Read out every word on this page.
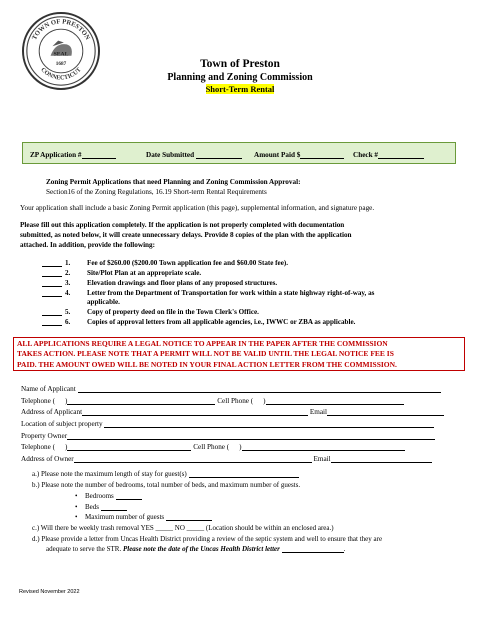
TOWN OF PRESTON
CONNECTICUT
SEAL
1687	Town of Preston
Planning and Zoning Commission
Short-Term Rental
ZP Application #	Date Submitted	Amount Paid $	Check #
Zoning Permit Applications that need Planning and Zoning Commission Approval:
Section16 of the Zoning Regulations, 16.19 Short-term Rental Requirements
Your application shall include a basic Zoning Permit application (this page), supplemental information, and signature page.
Please fill out this application completely. If the application is not properly completed with documentation
submitted, as noted below, it will create unnecessary delays. Provide 8 copies of the plan with the application
attached. In addition, provide the following:
1. Fee of $260.00 ($200.00 Town application fee and $60.00 State fee).
2. Site/Plot Plan at an appropriate scale.
3. Elevation drawings and floor plans of any proposed structures.
4. Letter from the Department of Transportation for work within a state highway right-of-way, as
applicable.
5. Copy of property deed on file in the Town Clerk's Office.
6. Copies of approval letters from all applicable agencies, i.e., IWWC or ZBA as applicable.
ALL APPLICATIONS REQUIRE A LEGAL NOTICE TO APPEAR IN THE PAPER AFTER THE COMMISSION
TAKES ACTION. PLEASE NOTE THAT A PERMIT WILL NOT BE VALID UNTIL THE LEGAL NOTICE FEE IS
PAID. THE AMOUNT OWED WILL BE NOTED IN YOUR FINAL ACTION LETTER FROM THE COMMISSION.
Name of Applicant
Telephone ( )	Cell Phone ( )
Address of Applicant	Email
Location of subject property
Property Owner
Telephone ( )	Cell Phone ( )
Address of Owner	Email
a.) Please note the maximum length of stay for guest(s)
b.) Please note the number of bedrooms, total number of beds, and maximum number of guests.
• Bedrooms
• Beds
• Maximum number of guests
c.) Will there be weekly trash removal YES _____ NO _____ (Location should be within an enclosed area.)
d.) Please provide a letter from Uncas Health District providing a review of the septic system and well to ensure that they are
adequate to serve the STR. Please note the date of the Uncas Health District letter	.
Revised November 2022
